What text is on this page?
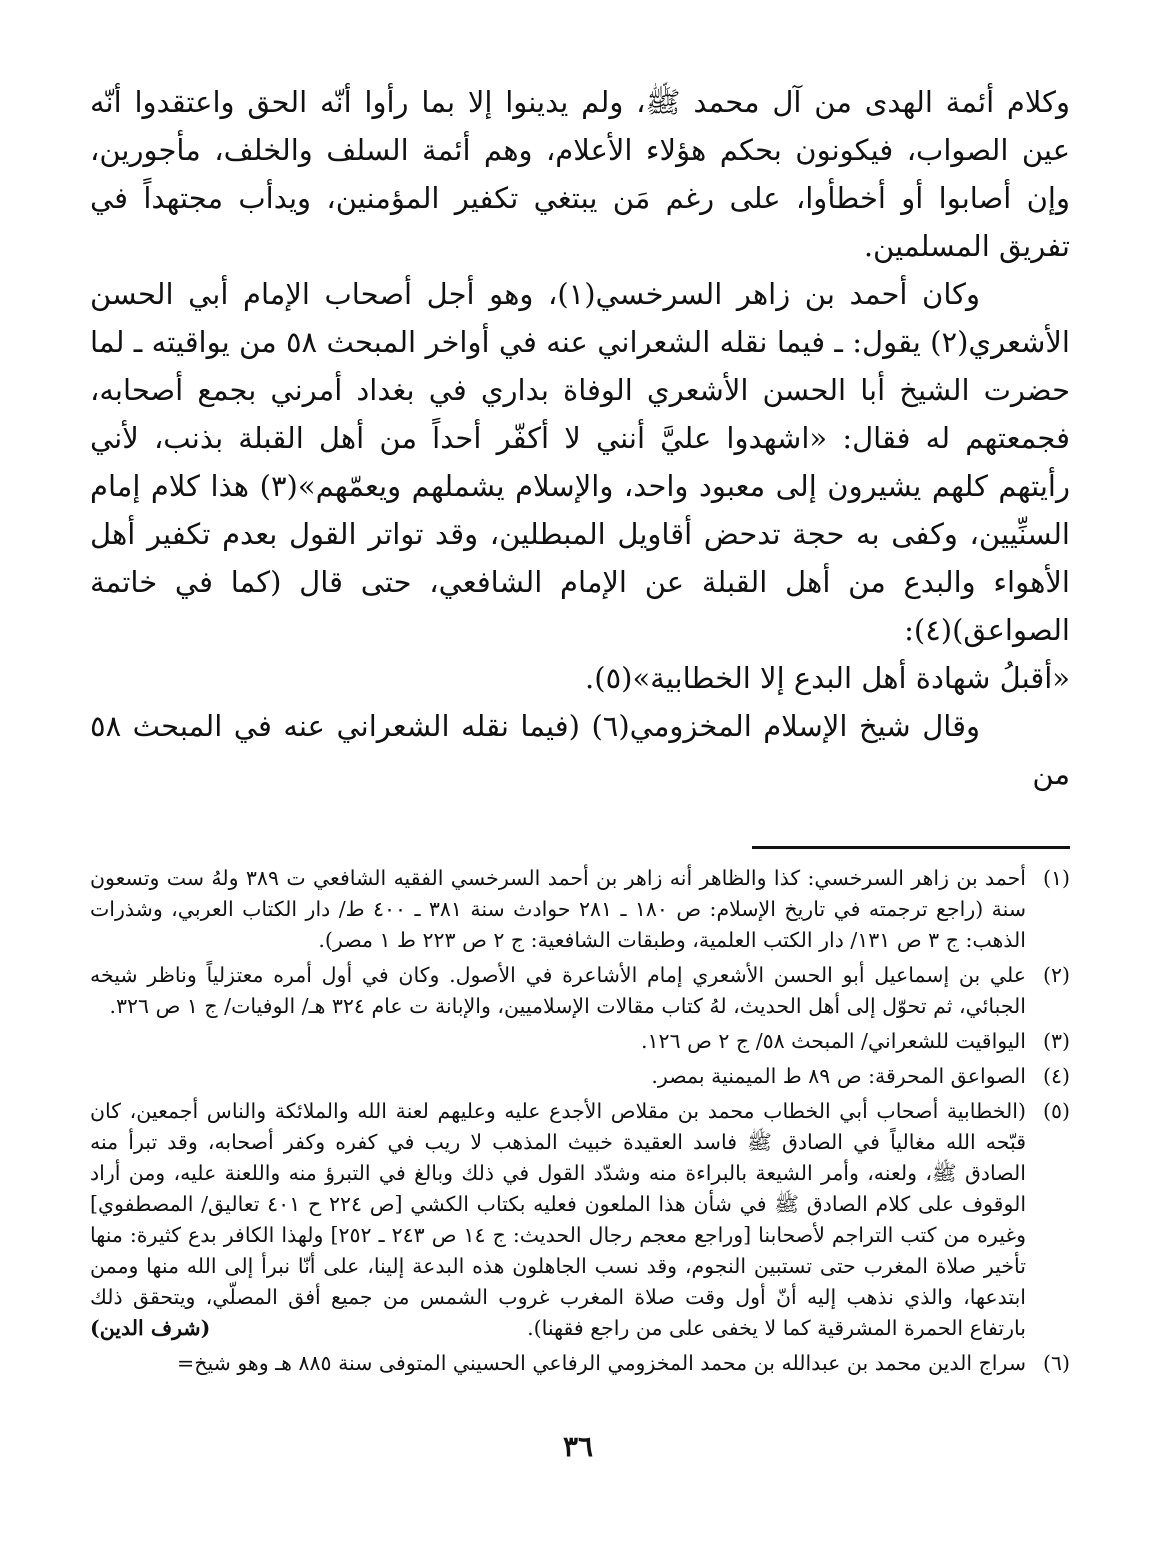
وكلام أئمة الهدى من آل محمد ﷺ، ولم يدينوا إلا بما رأوا أنّه الحق واعتقدوا أنّه عين الصواب، فيكونون بحكم هؤلاء الأعلام، وهم أئمة السلف والخلف، مأجورين، وإن أصابوا أو أخطأوا، على رغم مَن يبتغي تكفير المؤمنين، ويدأب مجتهداً في تفريق المسلمين.

وكان أحمد بن زاهر السرخسي(١)، وهو أجل أصحاب الإمام أبي الحسن الأشعري(٢) يقول: ـ فيما نقله الشعراني عنه في أواخر المبحث ٥٨ من يواقيته ـ لما حضرت الشيخ أبا الحسن الأشعري الوفاة بداري في بغداد أمرني بجمع أصحابه، فجمعتهم له فقال: «اشهدوا عليَّ أنني لا أكفّر أحداً من أهل القبلة بذنب، لأني رأيتهم كلهم يشيرون إلى معبود واحد، والإسلام يشملهم ويعمّهم»(٣) هذا كلام إمام السنِّيين، وكفى به حجة تدحض أقاويل المبطلين، وقد تواتر القول بعدم تكفير أهل الأهواء والبدع من أهل القبلة عن الإمام الشافعي، حتى قال (كما في خاتمة الصواعق)(٤):

«أقبلُ شهادة أهل البدع إلا الخطابية»(٥).

وقال شيخ الإسلام المخزومي(٦) (فيما نقله الشعراني عنه في المبحث ٥٨ من

(١)
أحمد بن زاهر السرخسي: كذا والظاهر أنه زاهر بن أحمد السرخسي الفقيه الشافعي ت ٣٨٩ ولهُ ست وتسعون سنة (راجع ترجمته في تاريخ الإسلام: ص ١٨٠ ـ ٢٨١ حوادث سنة ٣٨١ ـ ٤٠٠ ط/ دار الكتاب العربي، وشذرات الذهب: ج ٣ ص ١٣١/ دار الكتب العلمية، وطبقات الشافعية: ج ٢ ص ٢٢٣ ط ١ مصر).
(٢)
علي بن إسماعيل أبو الحسن الأشعري إمام الأشاعرة في الأصول. وكان في أول أمره معتزلياً وناظر شيخه الجبائي، ثم تحوّل إلى أهل الحديث، لهُ كتاب مقالات الإسلاميين، والإبانة ت عام ٣٢٤ هـ/ الوفيات/ ج ١ ص ٣٢٦.
(٣)
اليواقيت للشعراني/ المبحث ٥٨/ ج ٢ ص ١٢٦.
(٤)
الصواعق المحرقة: ص ٨٩ ط الميمنية بمصر.
(٥)
(الخطابية أصحاب أبي الخطاب محمد بن مقلاص الأجدع عليه وعليهم لعنة الله والملائكة والناس أجمعين، كان قبّحه الله مغالياً في الصادق ﷺ فاسد العقيدة خبيث المذهب لا ريب في كفره وكفر أصحابه، وقد تبرأ منه الصادق ﷺ، ولعنه، وأمر الشيعة بالبراءة منه وشدّد القول في ذلك وبالغ في التبرؤ منه واللعنة عليه، ومن أراد الوقوف على كلام الصادق ﷺ في شأن هذا الملعون فعليه بكتاب الكشي [ص ٢٢٤ ح ٤٠١ تعاليق/ المصطفوي] وغيره من كتب التراجم لأصحابنا [وراجع معجم رجال الحديث: ج ١٤ ص ٢٤٣ ـ ٢٥٢] ولهذا الكافر بدع كثيرة: منها تأخير صلاة المغرب حتى تستبين النجوم، وقد نسب الجاهلون هذه البدعة إلينا، على أنّا نبرأ إلى الله منها وممن ابتدعها، والذي نذهب إليه أنّ أول وقت صلاة المغرب غروب الشمس من جميع أفق المصلّي، ويتحقق ذلك بارتفاع الحمرة المشرقية كما لا يخفى على من راجع فقهنا).
(شرف الدين)
(٦)
سراج الدين محمد بن عبدالله بن محمد المخزومي الرفاعي الحسيني المتوفى سنة ٨٨٥ هـ وهو شيخ=
٣٦
